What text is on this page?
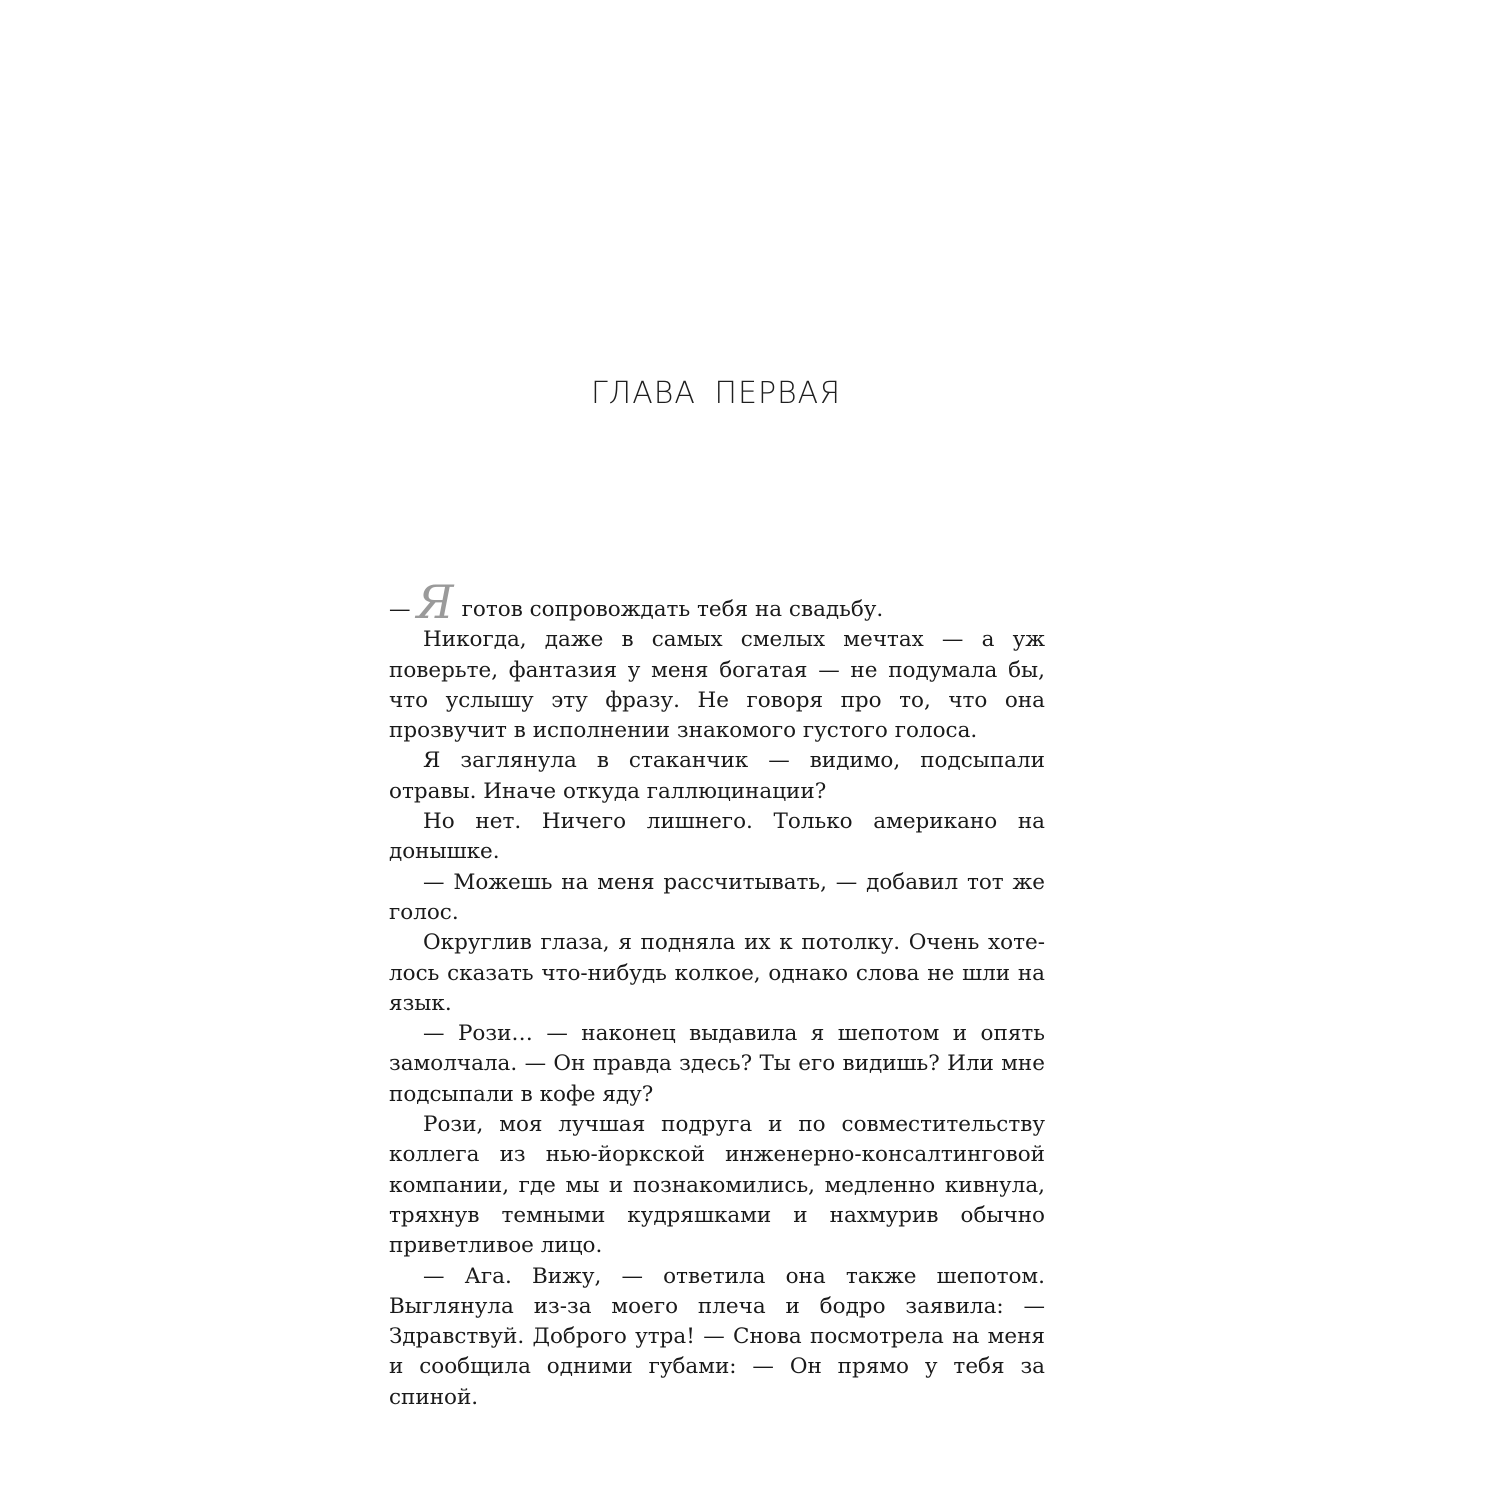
ГЛАВА ПЕРВАЯ

— Я готов сопровождать тебя на свадьбу.

Никогда, даже в самых смелых мечтах — а уж поверьте, фантазия у меня богатая — не подумала бы, что услышу эту фразу. Не говоря про то, что она прозвучит в исполнении знакомого густого голоса.

Я заглянула в стаканчик — видимо, подсыпали отравы. Иначе откуда галлюцинации?

Но нет. Ничего лишнего. Только американо на донышке.

— Можешь на меня рассчитывать, — добавил тот же голос.

Округлив глаза, я подняла их к потолку. Очень хотелось сказать что-нибудь колкое, однако слова не шли на язык.

— Рози… — наконец выдавила я шепотом и опять замолчала. — Он правда здесь? Ты его видишь? Или мне подсыпали в кофе яду?

Рози, моя лучшая подруга и по совместительству коллега из нью-йоркской инженерно-консалтинговой компании, где мы и познакомились, медленно кивнула, тряхнув темными кудряшками и нахмурив обычно приветливое лицо.

— Ага. Вижу, — ответила она также шепотом. Выглянула из-за моего плеча и бодро заявила: — Здравствуй. Доброго утра! — Снова посмотрела на меня и сообщила одними губами: — Он прямо у тебя за спиной.
